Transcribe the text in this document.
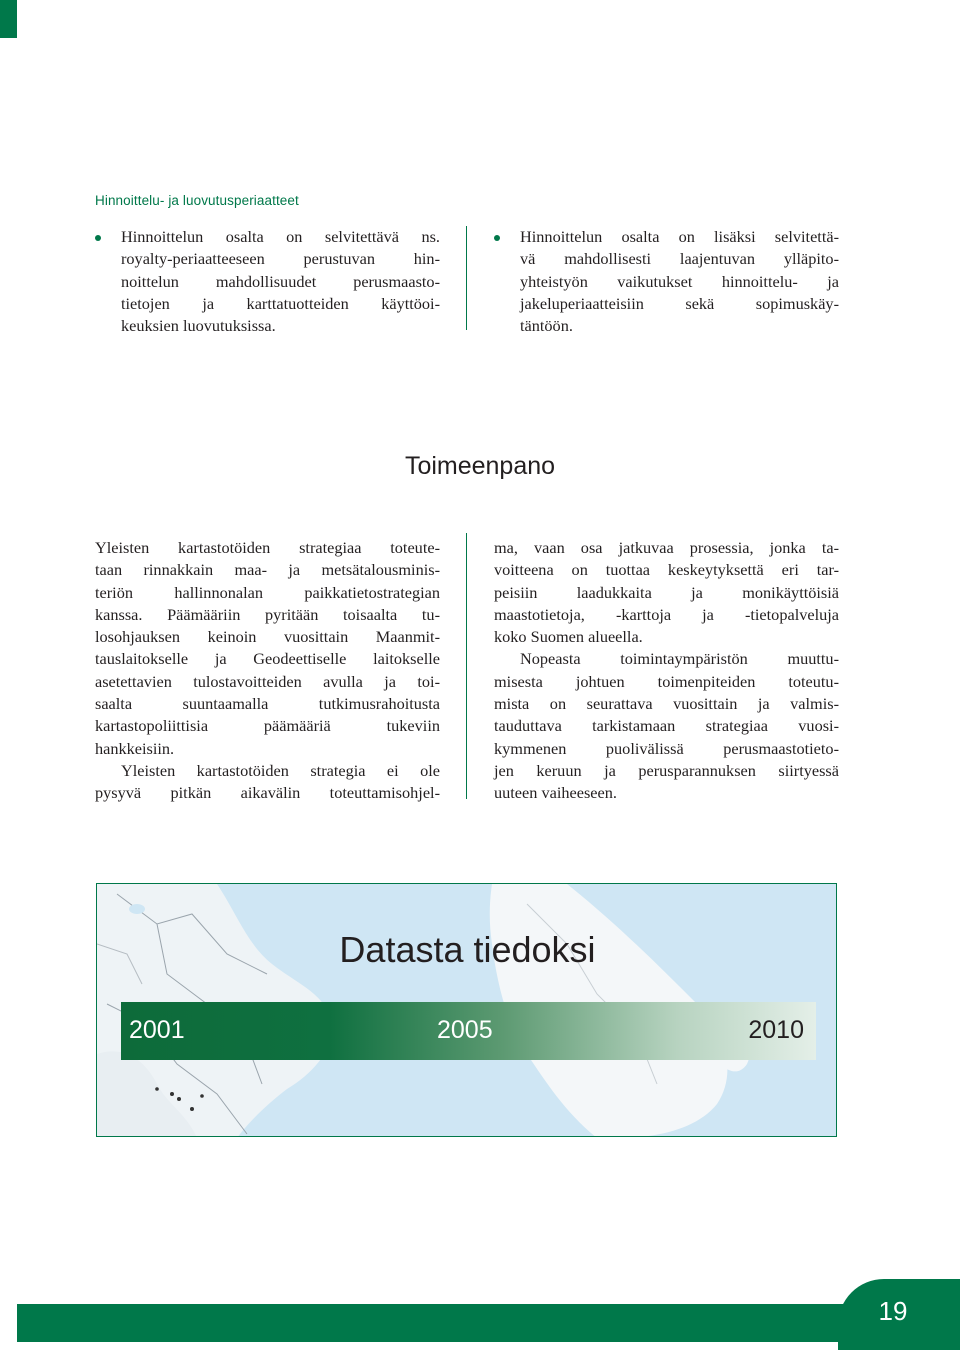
Hinnoittelu- ja luovutusperiaatteet
Hinnoittelun osalta on selvitettävä ns.
royalty-periaatteeseen perustuvan hin-
noittelun mahdollisuudet perusmaasto-
tietojen ja karttatuotteiden käyttöoi-
keuksien luovutuksissa.
Hinnoittelun osalta on lisäksi selvitettä-
vä mahdollisesti laajentuvan ylläpito-
yhteistyön vaikutukset hinnoittelu- ja
jakeluperiaatteisiin sekä sopimuskäy-
täntöön.
Toimeenpano
Yleisten kartastotöiden strategiaa toteute-
taan rinnakkain maa- ja metsätalousminis-
teriön hallinnonalan paikkatietostrategian
kanssa. Päämääriin pyritään toisaalta tu-
losohjauksen keinoin vuosittain Maanmit-
tauslaitokselle ja Geodeettiselle laitokselle
asetettavien tulostavoitteiden avulla ja toi-
saalta suuntaamalla tutkimusrahoitusta
kartastopoliittisia päämääriä tukeviin
hankkeisiin.
Yleisten kartastotöiden strategia ei ole
pysyvä pitkän aikavälin toteuttamisohjel-
ma, vaan osa jatkuvaa prosessia, jonka ta-
voitteena on tuottaa keskeytyksettä eri tar-
peisiin laadukkaita ja monikäyttöisiä
maastotietoja, -karttoja ja -tietopalveluja
koko Suomen alueella.
Nopeasta toimintaympäristön muuttu-
misesta johtuen toimenpiteiden toteutu-
mista on seurattava vuosittain ja valmis-
tauduttava tarkistamaan strategiaa vuosi-
kymmenen puolivälissä perusmaastotieto-
jen keruun ja perusparannuksen siirtyessä
uuteen vaiheeseen.
Datasta tiedoksi
2001	2005	2010
19
